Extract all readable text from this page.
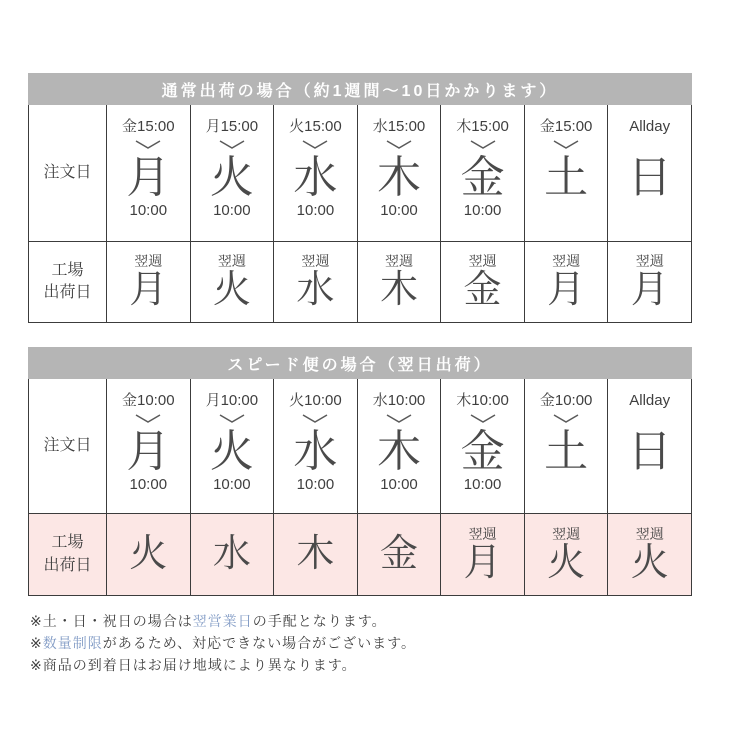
通常出荷の場合（約1週間〜10日かかります）
注文日
金15:00
月
10:00
月15:00
火
10:00
火15:00
水
10:00
水15:00
木
10:00
木15:00
金
10:00
金15:00
土
Allday
日
工場
出荷日
翌週
月
翌週
火
翌週
水
翌週
木
翌週
金
翌週
月
翌週
月
スピード便の場合（翌日出荷）
注文日
金10:00
月
10:00
月10:00
火
10:00
火10:00
水
10:00
水10:00
木
10:00
木10:00
金
10:00
金10:00
土
Allday
日
工場
出荷日 火 水 木 金	翌週
月
翌週
火
翌週
火

※土・日・祝日の場合は翌営業日の手配となります。

※数量制限があるため、対応できない場合がございます。

※商品の到着日はお届け地域により異なります。
